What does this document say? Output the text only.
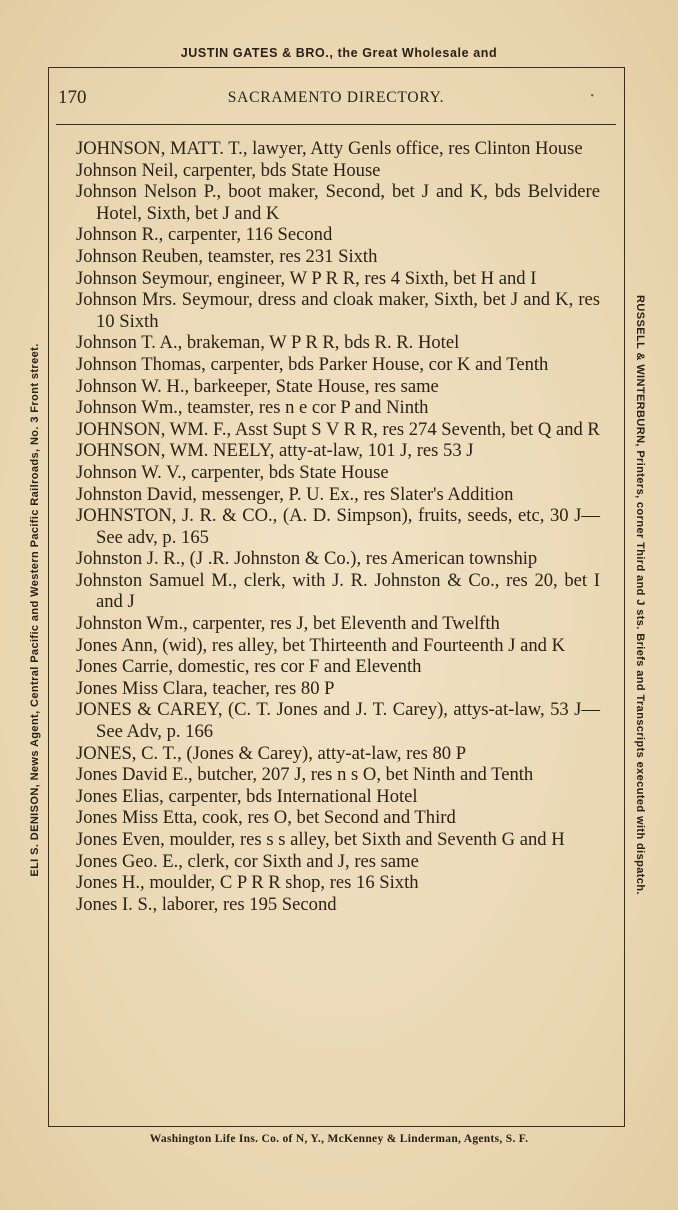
JUSTIN GATES & BRO., the Great Wholesale and
170	SACRAMENTO DIRECTORY.	•
JOHNSON, MATT. T., lawyer, Atty Genls office, res Clinton House
Johnson Neil, carpenter, bds State House
Johnson Nelson P., boot maker, Second, bet J and K, bds Belvidere Hotel, Sixth, bet J and K
Johnson R., carpenter, 116 Second
Johnson Reuben, teamster, res 231 Sixth
Johnson Seymour, engineer, W P R R, res 4 Sixth, bet H and I
Johnson Mrs. Seymour, dress and cloak maker, Sixth, bet J and K, res 10 Sixth
Johnson T. A., brakeman, W P R R, bds R. R. Hotel
Johnson Thomas, carpenter, bds Parker House, cor K and Tenth
Johnson W. H., barkeeper, State House, res same
Johnson Wm., teamster, res n e cor P and Ninth
JOHNSON, WM. F., Asst Supt S V R R, res 274 Seventh, bet Q and R
JOHNSON, WM. NEELY, atty-at-law, 101 J, res 53 J
Johnson W. V., carpenter, bds State House
Johnston David, messenger, P. U. Ex., res Slater's Addition
JOHNSTON, J. R. & CO., (A. D. Simpson), fruits, seeds, etc, 30 J—See adv, p. 165
Johnston J. R., (J .R. Johnston & Co.), res American township
Johnston Samuel M., clerk, with J. R. Johnston & Co., res 20, bet I and J
Johnston Wm., carpenter, res J, bet Eleventh and Twelfth
Jones Ann, (wid), res alley, bet Thirteenth and Fourteenth J and K
Jones Carrie, domestic, res cor F and Eleventh
Jones Miss Clara, teacher, res 80 P
JONES & CAREY, (C. T. Jones and J. T. Carey), attys-at-law, 53 J—See Adv, p. 166
JONES, C. T., (Jones & Carey), atty-at-law, res 80 P
Jones David E., butcher, 207 J, res n s O, bet Ninth and Tenth
Jones Elias, carpenter, bds International Hotel
Jones Miss Etta, cook, res O, bet Second and Third
Jones Even, moulder, res s s alley, bet Sixth and Seventh G and H
Jones Geo. E., clerk, cor Sixth and J, res same
Jones H., moulder, C P R R shop, res 16 Sixth
Jones I. S., laborer, res 195 Second
Washington Life Ins. Co. of N, Y., McKenney & Linderman, Agents, S. F.
ELI S. DENISON, News Agent, Central Pacific and Western Pacific Railroads, No. 3 Front street.	RUSSELL & WINTERBURN, Printers, corner Third and J sts. Briefs and Transcripts executed with dispatch.
